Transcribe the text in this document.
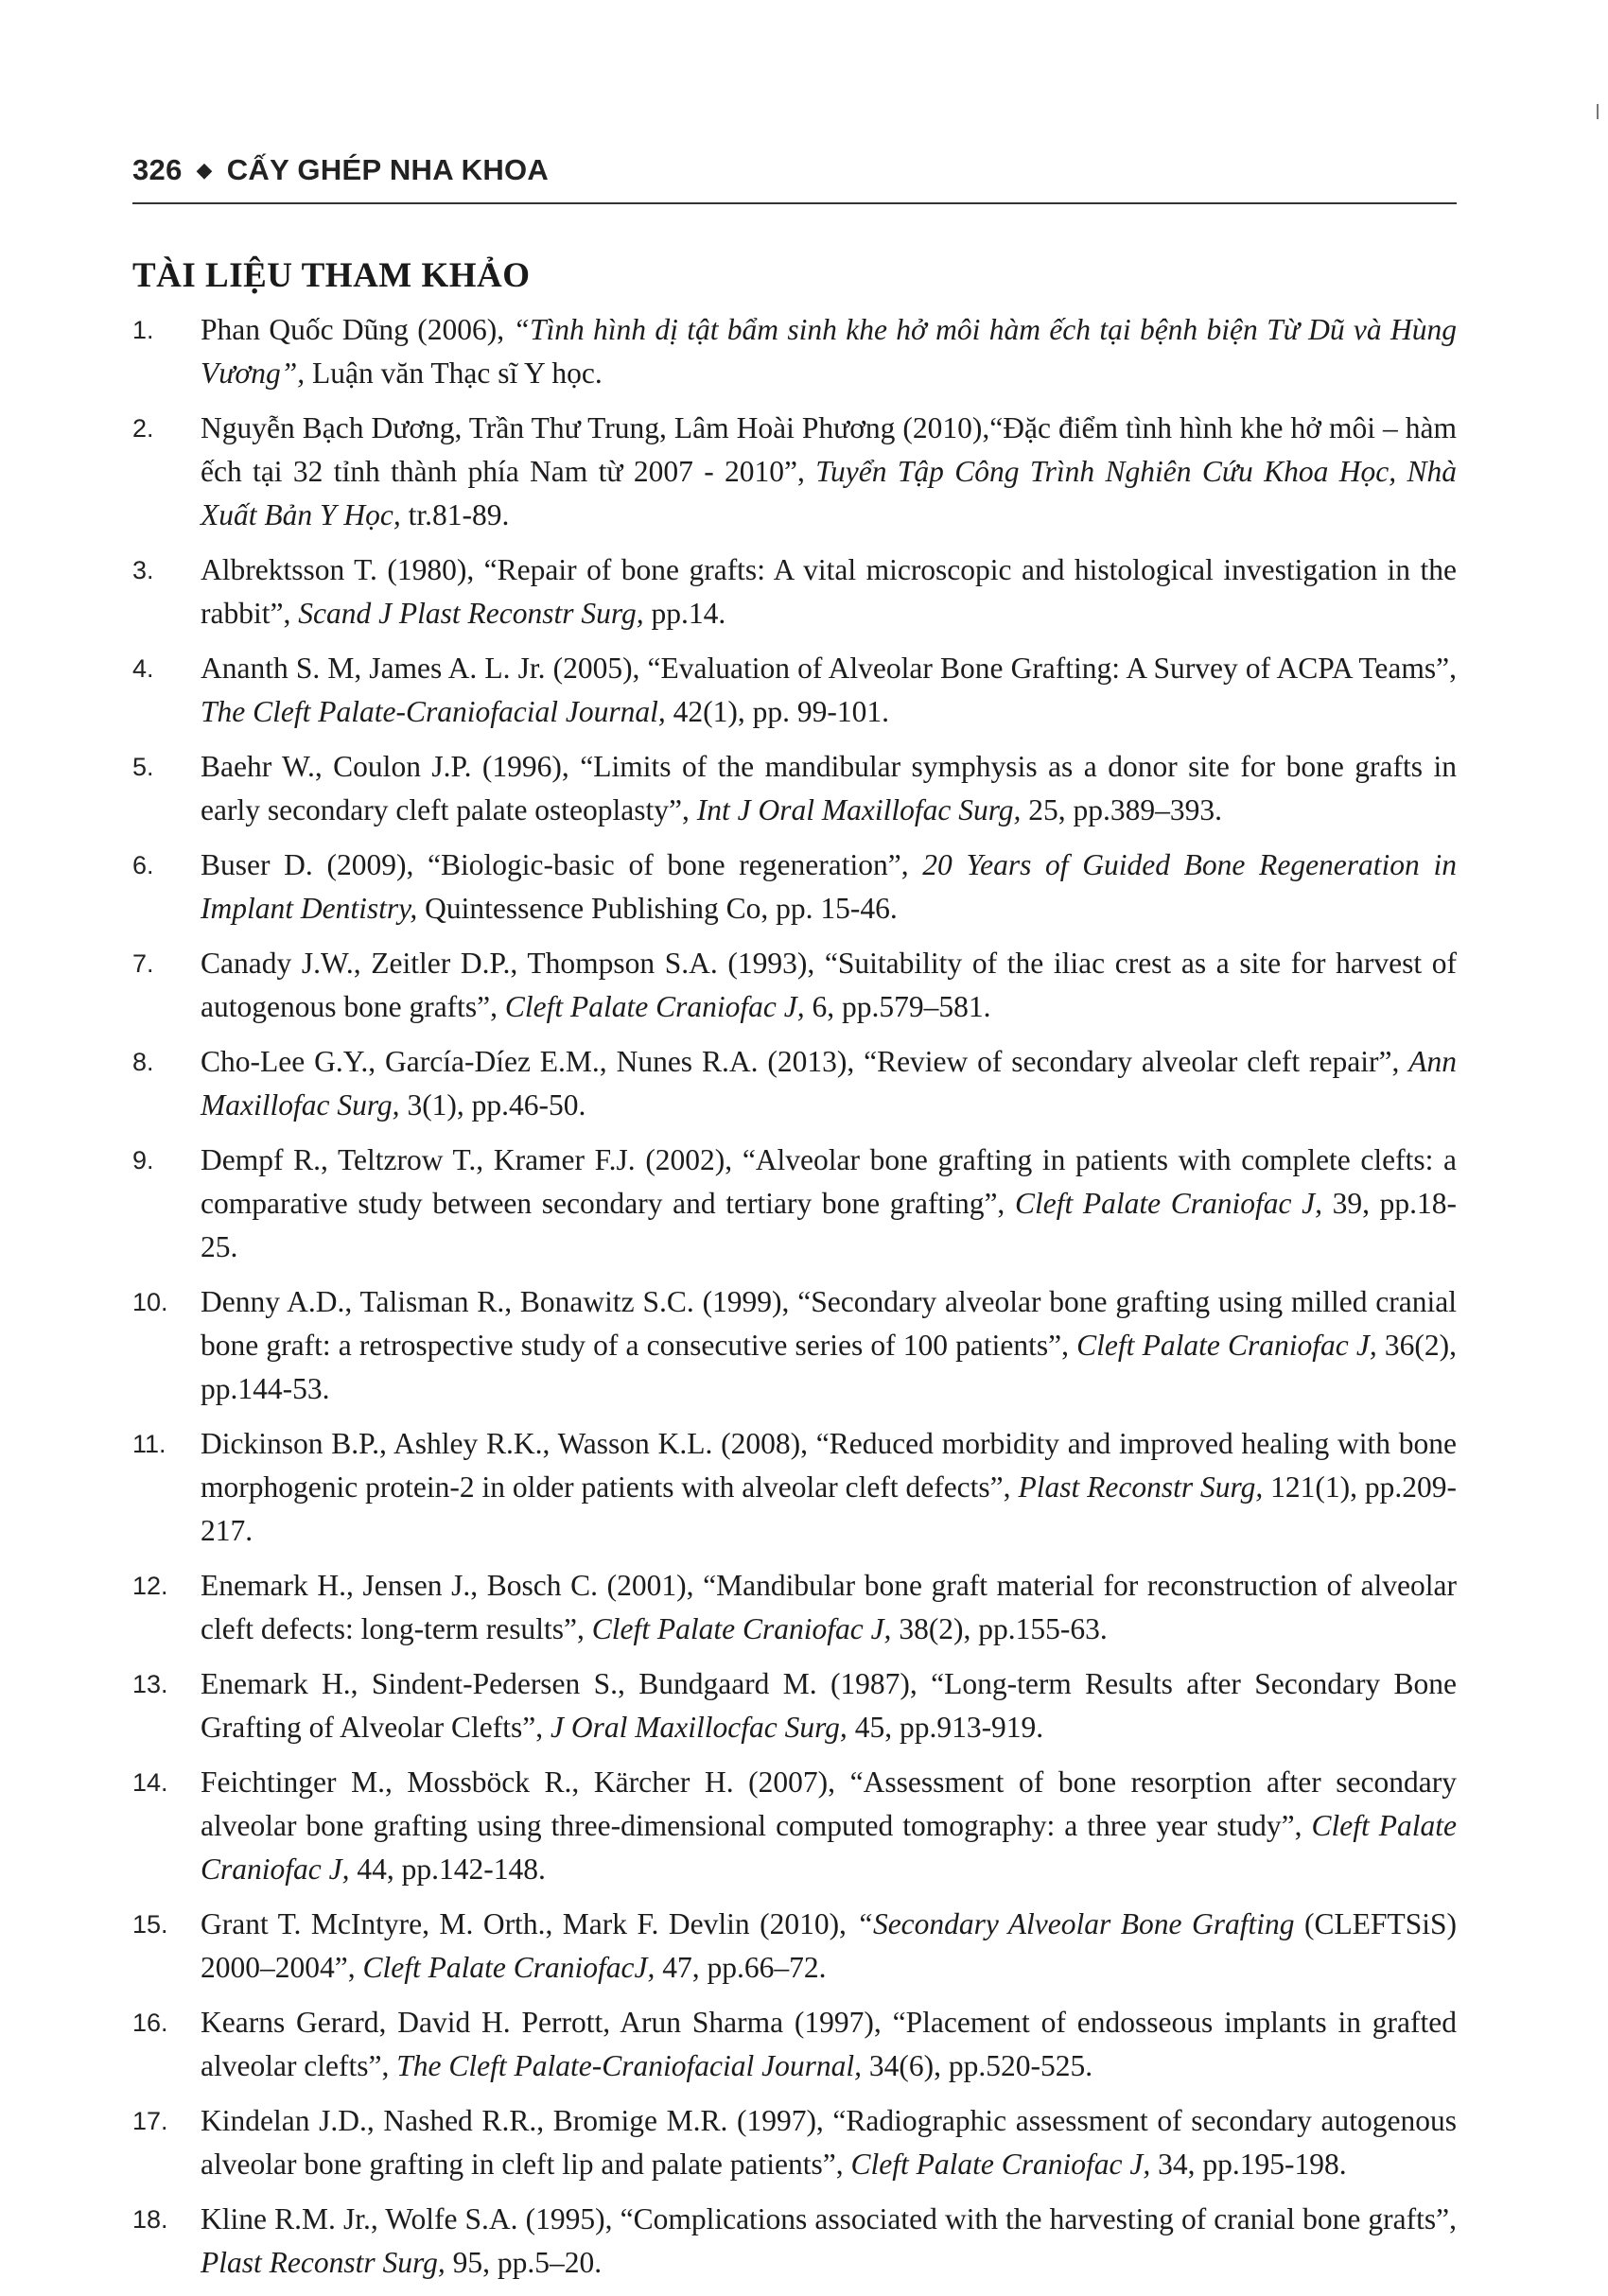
326 ◆ CẤY GHÉP NHA KHOA
TÀI LIỆU THAM KHẢO
1. Phan Quốc Dũng (2006), “Tình hình dị tật bẩm sinh khe hở môi hàm ếch tại bệnh biện Từ Dũ và Hùng Vương”, Luận văn Thạc sĩ Y học.
2. Nguyễn Bạch Dương, Trần Thư Trung, Lâm Hoài Phương (2010),“Đặc điểm tình hình khe hở môi – hàm ếch tại 32 tỉnh thành phía Nam từ 2007 - 2010”, Tuyển Tập Công Trình Nghiên Cứu Khoa Học, Nhà Xuất Bản Y Học, tr.81-89.
3. Albrektsson T. (1980), “Repair of bone grafts: A vital microscopic and histological investigation in the rabbit”, Scand J Plast Reconstr Surg, pp.14.
4. Ananth S. M, James A. L. Jr. (2005), “Evaluation of Alveolar Bone Grafting: A Survey of ACPA Teams”, The Cleft Palate-Craniofacial Journal, 42(1), pp. 99-101.
5. Baehr W., Coulon J.P. (1996), “Limits of the mandibular symphysis as a donor site for bone grafts in early secondary cleft palate osteoplasty”, Int J Oral Maxillofac Surg, 25, pp.389–393.
6. Buser D. (2009), “Biologic-basic of bone regeneration”, 20 Years of Guided Bone Regeneration in Implant Dentistry, Quintessence Publishing Co, pp. 15-46.
7. Canady J.W., Zeitler D.P., Thompson S.A. (1993), “Suitability of the iliac crest as a site for harvest of autogenous bone grafts”, Cleft Palate Craniofac J, 6, pp.579–581.
8. Cho-Lee G.Y., García-Díez E.M., Nunes R.A. (2013), “Review of secondary alveolar cleft repair”, Ann Maxillofac Surg, 3(1), pp.46-50.
9. Dempf R., Teltzrow T., Kramer F.J. (2002), “Alveolar bone grafting in patients with complete clefts: a comparative study between secondary and tertiary bone grafting”, Cleft Palate Craniofac J, 39, pp.18-25.
10. Denny A.D., Talisman R., Bonawitz S.C. (1999), “Secondary alveolar bone grafting using milled cranial bone graft: a retrospective study of a consecutive series of 100 patients”, Cleft Palate Craniofac J, 36(2), pp.144-53.
11. Dickinson B.P., Ashley R.K., Wasson K.L. (2008), “Reduced morbidity and improved healing with bone morphogenic protein-2 in older patients with alveolar cleft defects”, Plast Reconstr Surg, 121(1), pp.209-217.
12. Enemark H., Jensen J., Bosch C. (2001), “Mandibular bone graft material for reconstruction of alveolar cleft defects: long-term results”, Cleft Palate Craniofac J, 38(2), pp.155-63.
13. Enemark H., Sindent-Pedersen S., Bundgaard M. (1987), “Long-term Results after Secondary Bone Grafting of Alveolar Clefts”, J Oral Maxillocfac Surg, 45, pp.913-919.
14. Feichtinger M., Mossböck R., Kärcher H. (2007), “Assessment of bone resorption after secondary alveolar bone grafting using three-dimensional computed tomography: a three year study”, Cleft Palate Craniofac J, 44, pp.142-148.
15. Grant T. McIntyre, M. Orth., Mark F. Devlin (2010), “Secondary Alveolar Bone Grafting (CLEFTSiS) 2000–2004”, Cleft Palate CraniofacJ, 47, pp.66–72.
16. Kearns Gerard, David H. Perrott, Arun Sharma (1997), “Placement of endosseous implants in grafted alveolar clefts”, The Cleft Palate-Craniofacial Journal, 34(6), pp.520-525.
17. Kindelan J.D., Nashed R.R., Bromige M.R. (1997), “Radiographic assessment of secondary autogenous alveolar bone grafting in cleft lip and palate patients”, Cleft Palate Craniofac J, 34, pp.195-198.
18. Kline R.M. Jr., Wolfe S.A. (1995), “Complications associated with the harvesting of cranial bone grafts”, Plast Reconstr Surg, 95, pp.5–20.
